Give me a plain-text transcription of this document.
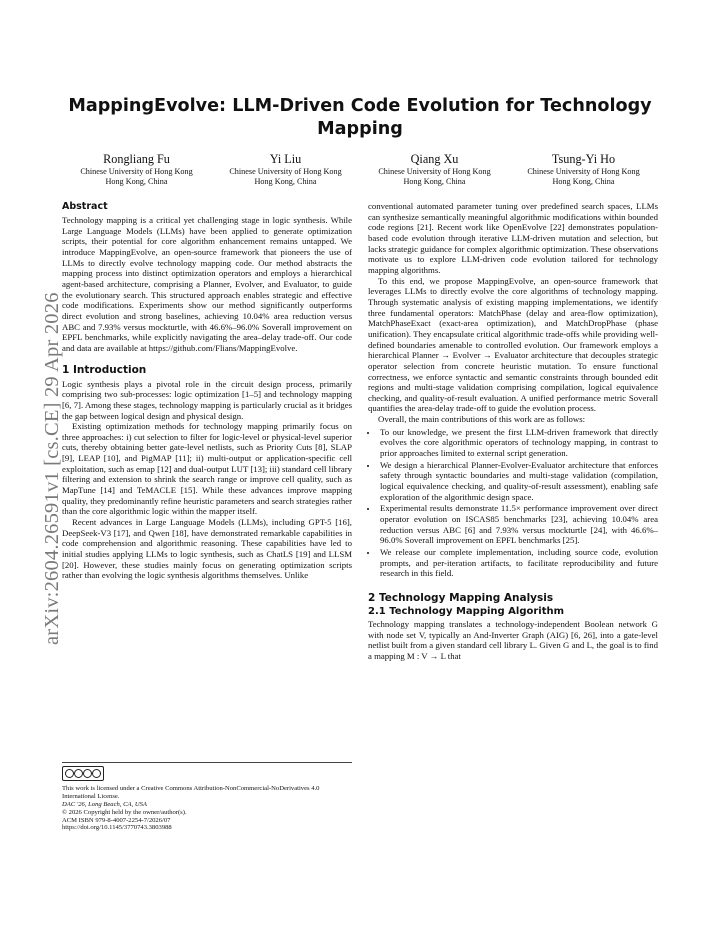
arXiv:2604.26591v1 [cs.CE] 29 Apr 2026
MappingEvolve: LLM-Driven Code Evolution for Technology Mapping
Rongliang Fu
Chinese University of Hong Kong
Hong Kong, China
Yi Liu
Chinese University of Hong Kong
Hong Kong, China
Qiang Xu
Chinese University of Hong Kong
Hong Kong, China
Tsung-Yi Ho
Chinese University of Hong Kong
Hong Kong, China
Abstract

Technology mapping is a critical yet challenging stage in logic synthesis. While Large Language Models (LLMs) have been applied to generate optimization scripts, their potential for core algorithm enhancement remains untapped. We introduce MappingEvolve, an open-source framework that pioneers the use of LLMs to directly evolve technology mapping code. Our method abstracts the mapping process into distinct optimization operators and employs a hierarchical agent-based architecture, comprising a Planner, Evolver, and Evaluator, to guide the evolutionary search. This structured approach enables strategic and effective code modifications. Experiments show our method significantly outperforms direct evolution and strong baselines, achieving 10.04% area reduction versus ABC and 7.93% versus mockturtle, with 46.6%–96.0% Soverall improvement on EPFL benchmarks, while explicitly navigating the area–delay trade-off. Our code and data are available at https://github.com/Flians/MappingEvolve.

1 Introduction

Logic synthesis plays a pivotal role in the circuit design process, primarily comprising two sub-processes: logic optimization [1–5] and technology mapping [6, 7]. Among these stages, technology mapping is particularly crucial as it bridges the gap between logical design and physical design.

Existing optimization methods for technology mapping primarily focus on three approaches: i) cut selection to filter for logic-level or physical-level superior cuts, thereby obtaining better gate-level netlists, such as Priority Cuts [8], SLAP [9], LEAP [10], and PigMAP [11]; ii) multi-output or application-specific cell exploitation, such as emap [12] and dual-output LUT [13]; iii) standard cell library filtering and extension to shrink the search range or improve cell quality, such as MapTune [14] and TeMACLE [15]. While these advances improve mapping quality, they predominantly refine heuristic parameters and search strategies rather than the core algorithmic logic within the mapper itself.

Recent advances in Large Language Models (LLMs), including GPT-5 [16], DeepSeek-V3 [17], and Qwen [18], have demonstrated remarkable capabilities in code comprehension and algorithmic reasoning. These capabilities have led to initial studies applying LLMs to logic synthesis, such as ChatLS [19] and LLSM [20]. However, these studies mainly focus on generating optimization scripts rather than evolving the logic synthesis algorithms themselves. Unlike

This work is licensed under a Creative Commons Attribution-NonCommercial-NoDerivatives 4.0 International License.
DAC '26, Long Beach, CA, USA
© 2026 Copyright held by the owner/author(s).
ACM ISBN 979-8-4007-2254-7/2026/07
https://doi.org/10.1145/3770743.3803988

conventional automated parameter tuning over predefined search spaces, LLMs can synthesize semantically meaningful algorithmic modifications within bounded code regions [21]. Recent work like OpenEvolve [22] demonstrates population-based code evolution through iterative LLM-driven mutation and selection, but lacks strategic guidance for complex algorithmic optimization. These observations motivate us to explore LLM-driven code evolution tailored for technology mapping algorithms.

To this end, we propose MappingEvolve, an open-source framework that leverages LLMs to directly evolve the core algorithms of technology mapping. Through systematic analysis of existing mapping implementations, we identify three fundamental operators: MatchPhase (delay and area-flow optimization), MatchPhaseExact (exact-area optimization), and MatchDropPhase (phase unification). They encapsulate critical algorithmic trade-offs while providing well-defined boundaries amenable to controlled evolution. Our framework employs a hierarchical Planner → Evolver → Evaluator architecture that decouples strategic operator selection from concrete heuristic mutation. To ensure functional correctness, we enforce syntactic and semantic constraints through bounded edit regions and multi-stage validation comprising compilation, logical equivalence checking, and quality-of-result evaluation. A unified performance metric Soverall quantifies the area-delay trade-off to guide the evolution process.

Overall, the main contributions of this work are as follows:

• To our knowledge, we present the first LLM-driven framework that directly evolves the core algorithmic operators of technology mapping, in contrast to prior approaches limited to external script generation.
• We design a hierarchical Planner-Evolver-Evaluator architecture that enforces safety through syntactic boundaries and multi-stage validation (compilation, logical equivalence checking, and quality-of-result assessment), enabling safe exploration of the algorithmic design space.
• Experimental results demonstrate 11.5× performance improvement over direct operator evolution on ISCAS85 benchmarks [23], achieving 10.04% area reduction versus ABC [6] and 7.93% versus mockturtle [24], with 46.6%–96.0% Soverall improvement on EPFL benchmarks [25].
• We release our complete implementation, including source code, evolution prompts, and per-iteration artifacts, to facilitate reproducibility and future research in this field.
2 Technology Mapping Analysis
2.1 Technology Mapping Algorithm

Technology mapping translates a technology-independent Boolean network G with node set V, typically an And-Inverter Graph (AIG) [6, 26], into a gate-level netlist built from a given standard cell library L. Given G and L, the goal is to find a mapping M : V → L that
